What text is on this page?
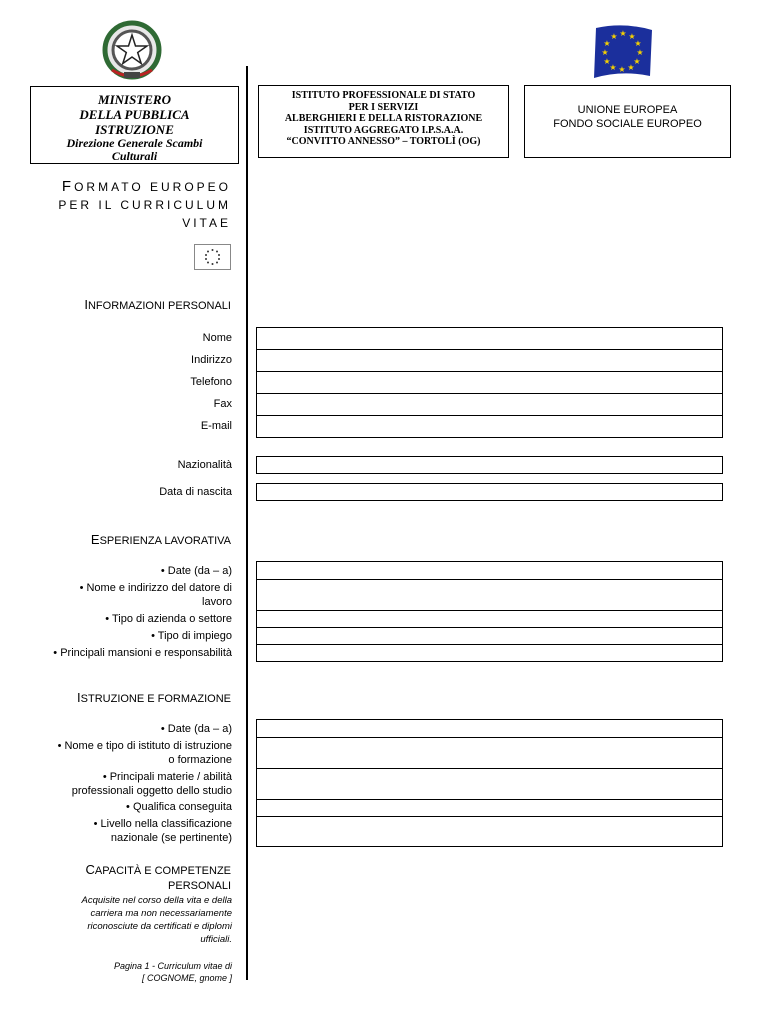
★ ★
★
★
★
★
★
★
★
★
★
★
MINISTERO
DELLA PUBBLICA
ISTRUZIONE
Direzione Generale Scambi
Culturali
ISTITUTO PROFESSIONALE DI STATO
PER I SERVIZI
ALBERGHIERI E DELLA RISTORAZIONE
ISTITUTO AGGREGATO I.P.S.A.A.
“CONVITTO ANNESSO” – TORTOLÌ (OG)
UNIONE EUROPEA
FONDO SOCIALE EUROPEO
FORMATO EUROPEO
PER IL CURRICULUM
VITAE
INFORMAZIONI PERSONALI
Nome
Indirizzo
Telefono
Fax
E-mail
Nazionalità
Data di nascita
ESPERIENZA LAVORATIVA
• Date (da – a)
• Nome e indirizzo del datore di
lavoro
• Tipo di azienda o settore
• Tipo di impiego
• Principali mansioni e responsabilità
ISTRUZIONE E FORMAZIONE
• Date (da – a)
• Nome e tipo di istituto di istruzione
o formazione
• Principali materie / abilità
professionali oggetto dello studio
• Qualifica conseguita
• Livello nella classificazione
nazionale (se pertinente)
CAPACITÀ E COMPETENZE
PERSONALI
Acquisite nel corso della vita e della
carriera ma non necessariamente
riconosciute da certificati e diplomi
ufficiali.
Pagina 1 - Curriculum vitae di
[ COGNOME, gnome ]
